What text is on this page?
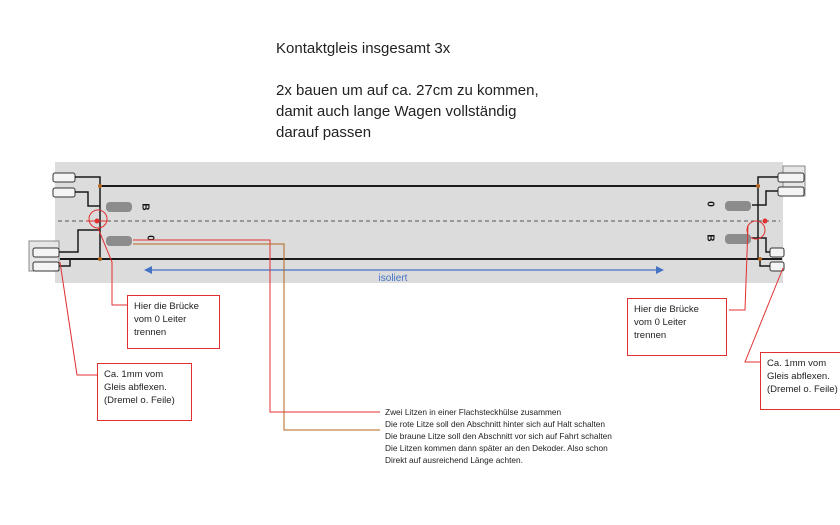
B
0
0
B
isoliert
Kontaktgleis insgesamt 3x
2x bauen um auf ca. 27cm zu kommen,
damit auch lange Wagen vollständig
darauf passen
Hier die Brücke
vom 0 Leiter
trennen
Ca. 1mm vom
Gleis abflexen.
(Dremel o. Feile)
Hier die Brücke
vom 0 Leiter
trennen
Ca. 1mm vom
Gleis abflexen.
(Dremel o. Feile)
Zwei Litzen in einer Flachsteckhülse zusammen
Die rote Litze soll den Abschnitt hinter sich auf Halt schalten
Die braune Litze soll den Abschnitt vor sich auf Fahrt schalten
Die Litzen kommen dann später an den Dekoder. Also schon
Direkt auf ausreichend Länge achten.
